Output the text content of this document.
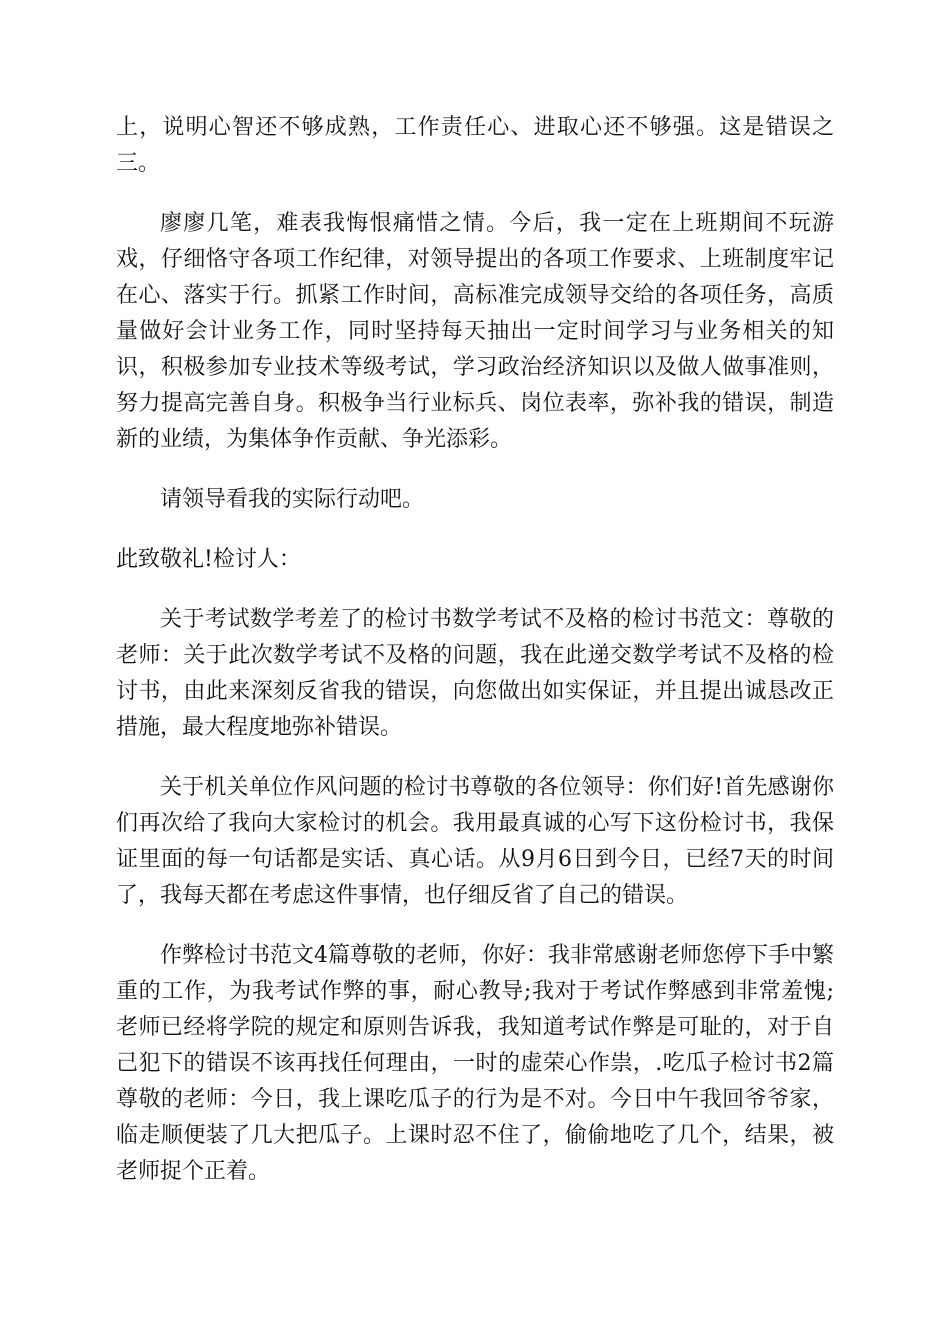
上，说明心智还不够成熟，工作责任心、进取心还不够强。这是错误之三。

廖廖几笔，难表我悔恨痛惜之情。今后，我一定在上班期间不玩游戏，仔细恪守各项工作纪律，对领导提出的各项工作要求、上班制度牢记在心、落实于行。抓紧工作时间，高标准完成领导交给的各项任务，高质量做好会计业务工作，同时坚持每天抽出一定时间学习与业务相关的知识，积极参加专业技术等级考试，学习政治经济知识以及做人做事准则，努力提高完善自身。积极争当行业标兵、岗位表率，弥补我的错误，制造新的业绩，为集体争作贡献、争光添彩。

请领导看我的实际行动吧。

此致敬礼!检讨人：

关于考试数学考差了的检讨书数学考试不及格的检讨书范文：尊敬的老师：关于此次数学考试不及格的问题，我在此递交数学考试不及格的检讨书，由此来深刻反省我的错误，向您做出如实保证，并且提出诚恳改正措施，最大程度地弥补错误。

关于机关单位作风问题的检讨书尊敬的各位领导：你们好!首先感谢你们再次给了我向大家检讨的机会。我用最真诚的心写下这份检讨书，我保证里面的每一句话都是实话、真心话。从9月6日到今日，已经7天的时间了，我每天都在考虑这件事情，也仔细反省了自己的错误。

作弊检讨书范文4篇尊敬的老师，你好：我非常感谢老师您停下手中繁重的工作，为我考试作弊的事，耐心教导;我对于考试作弊感到非常羞愧;老师已经将学院的规定和原则告诉我，我知道考试作弊是可耻的，对于自己犯下的错误不该再找任何理由，一时的虚荣心作祟，.吃瓜子检讨书2篇尊敬的老师：今日，我上课吃瓜子的行为是不对。今日中午我回爷爷家，临走顺便装了几大把瓜子。上课时忍不住了，偷偷地吃了几个，结果，被老师捉个正着。
